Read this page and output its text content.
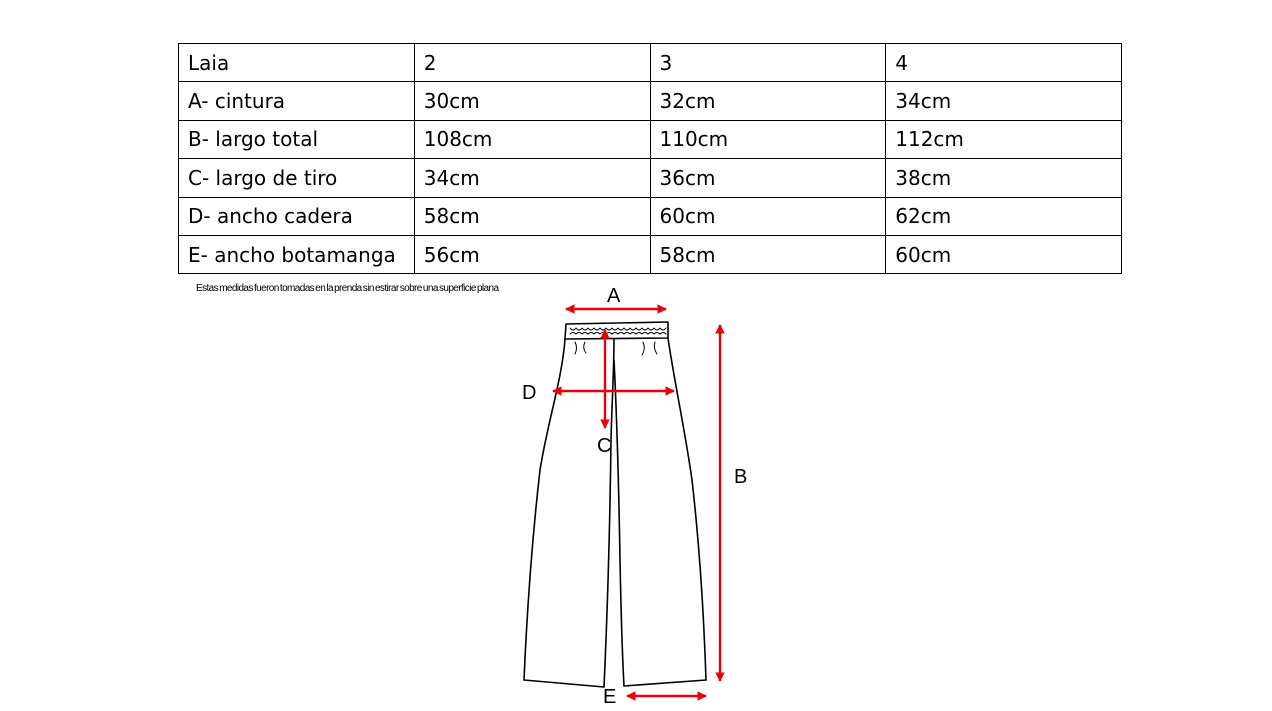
Laia	2	3	4
A- cintura	30cm	32cm	34cm
B- largo total	108cm	110cm	112cm
C- largo de tiro	34cm	36cm	38cm
D- ancho cadera	58cm	60cm	62cm
E- ancho botamanga	56cm	58cm	60cm
Estas medidas fueron tomadas en la prenda sin estirar sobre una superficie plana	A
B
C
D
E
